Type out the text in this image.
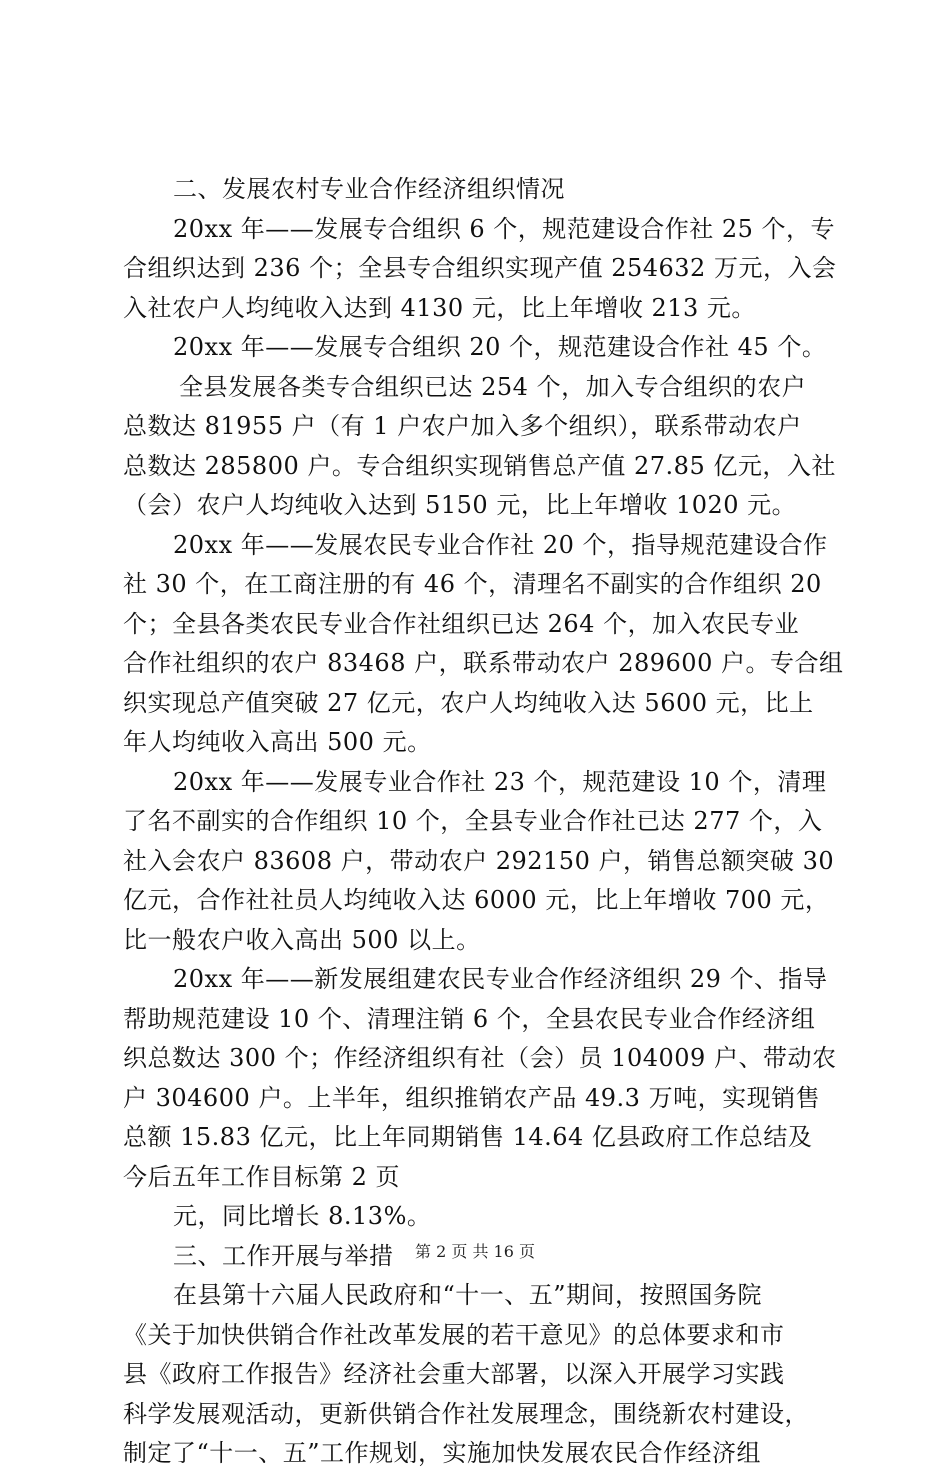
二、发展农村专业合作经济组织情况
20xx 年——发展专合组织 6 个，规范建设合作社 25 个，专
合组织达到 236 个；全县专合组织实现产值 254632 万元，入会
入社农户人均纯收入达到 4130 元，比上年增收 213 元。
20xx 年——发展专合组织 20 个，规范建设合作社 45 个。
全县发展各类专合组织已达 254 个，加入专合组织的农户
总数达 81955 户（有 1 户农户加入多个组织），联系带动农户
总数达 285800 户。专合组织实现销售总产值 27.85 亿元，入社
（会）农户人均纯收入达到 5150 元，比上年增收 1020 元。
20xx 年——发展农民专业合作社 20 个，指导规范建设合作
社 30 个，在工商注册的有 46 个，清理名不副实的合作组织 20
个；全县各类农民专业合作社组织已达 264 个，加入农民专业
合作社组织的农户 83468 户，联系带动农户 289600 户。专合组
织实现总产值突破 27 亿元，农户人均纯收入达 5600 元，比上
年人均纯收入高出 500 元。
20xx 年——发展专业合作社 23 个，规范建设 10 个，清理
了名不副实的合作组织 10 个，全县专业合作社已达 277 个，入
社入会农户 83608 户，带动农户 292150 户，销售总额突破 30
亿元，合作社社员人均纯收入达 6000 元，比上年增收 700 元，
比一般农户收入高出 500 以上。
20xx 年——新发展组建农民专业合作经济组织 29 个、指导
帮助规范建设 10 个、清理注销 6 个，全县农民专业合作经济组
织总数达 300 个；作经济组织有社（会）员 104009 户、带动农
户 304600 户。上半年，组织推销农产品 49.3 万吨，实现销售
总额 15.83 亿元，比上年同期销售 14.64 亿县政府工作总结及
今后五年工作目标第 2 页
元，同比增长 8.13%。
三、工作开展与举措
在县第十六届人民政府和“十一、五”期间，按照国务院
《关于加快供销合作社改革发展的若干意见》的总体要求和市
县《政府工作报告》经济社会重大部署，以深入开展学习实践
科学发展观活动，更新供销合作社发展理念，围绕新农村建设，
制定了“十一、五”工作规划，实施加快发展农民合作经济组
第 2 页 共 16 页
